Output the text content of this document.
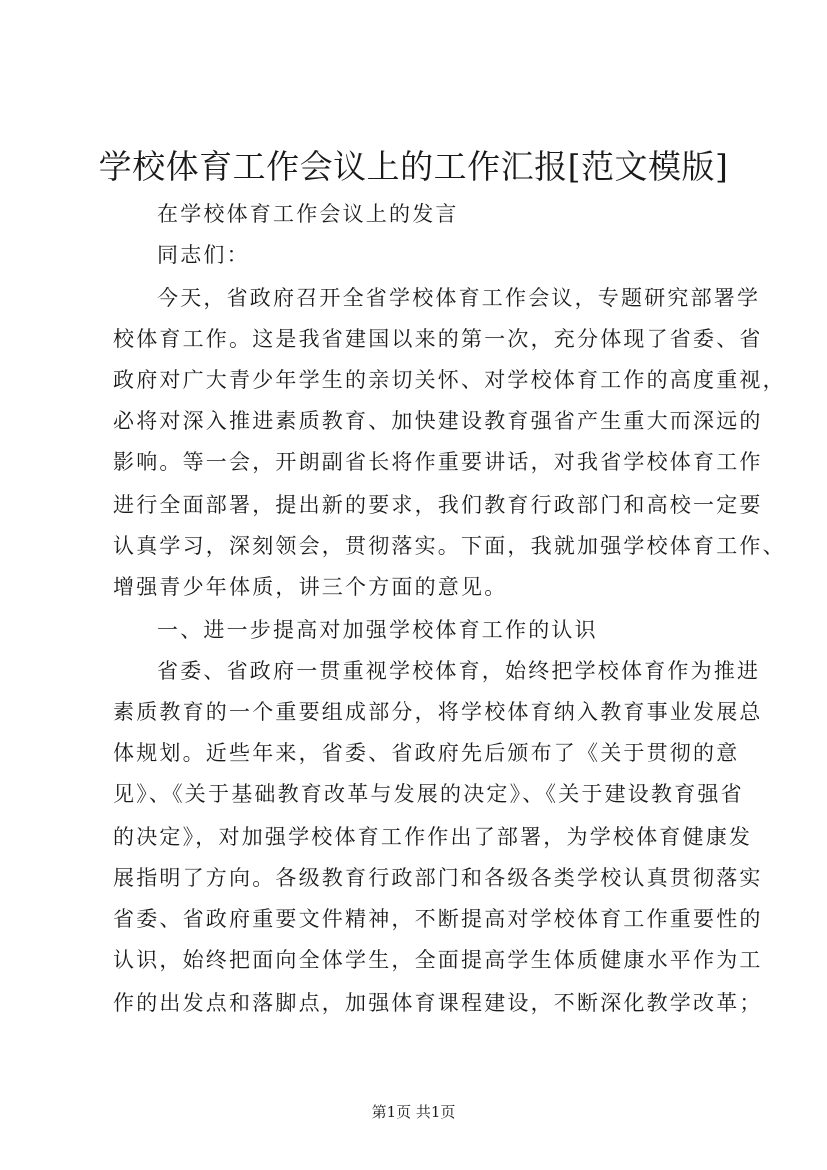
学校体育工作会议上的工作汇报[范文模版]
在学校体育工作会议上的发言
同志们：
今天，省政府召开全省学校体育工作会议，专题研究部署学
校体育工作。这是我省建国以来的第一次，充分体现了省委、省
政府对广大青少年学生的亲切关怀、对学校体育工作的高度重视，
必将对深入推进素质教育、加快建设教育强省产生重大而深远的
影响。等一会，开朗副省长将作重要讲话，对我省学校体育工作
进行全面部署，提出新的要求，我们教育行政部门和高校一定要
认真学习，深刻领会，贯彻落实。下面，我就加强学校体育工作、
增强青少年体质，讲三个方面的意见。
一、进一步提高对加强学校体育工作的认识
省委、省政府一贯重视学校体育，始终把学校体育作为推进
素质教育的一个重要组成部分，将学校体育纳入教育事业发展总
体规划。近些年来，省委、省政府先后颁布了《关于贯彻的意
见》、《关于基础教育改革与发展的决定》、《关于建设教育强省
的决定》，对加强学校体育工作作出了部署，为学校体育健康发
展指明了方向。各级教育行政部门和各级各类学校认真贯彻落实
省委、省政府重要文件精神，不断提高对学校体育工作重要性的
认识，始终把面向全体学生，全面提高学生体质健康水平作为工
作的出发点和落脚点，加强体育课程建设，不断深化教学改革；
第1页 共1页
